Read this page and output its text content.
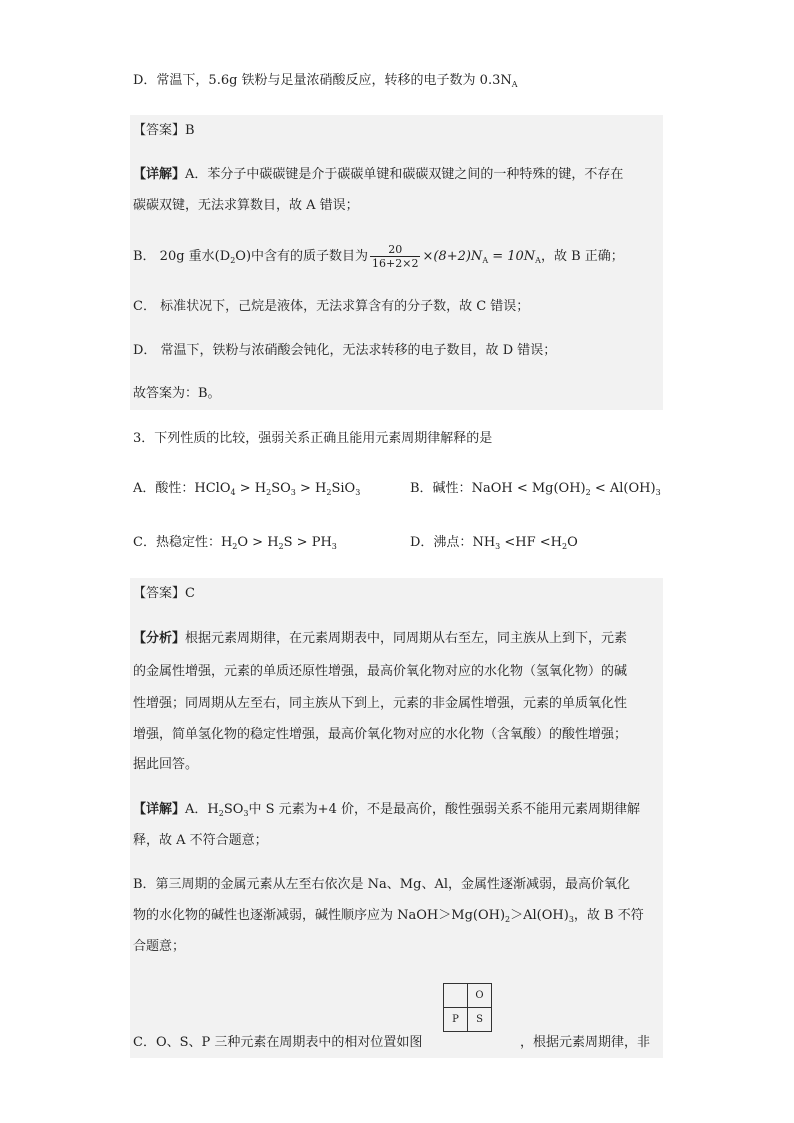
D．常温下，5.6g 铁粉与足量浓硝酸反应，转移的电子数为 $0.3N_A$
【答案】B
【详解】A．苯分子中碳碳键是介于碳碳单键和碳碳双键之间的一种特殊的键，不存在
碳碳双键，无法求算数目，故 A 错误；
B． 20g 重水$(D_2O)$中含有的质子数目为 $\frac{20}{16+2\times 2} \times(8+2)N_A = 10N_A$，故 B 正确；
C． 标准状况下，己烷是液体，无法求算含有的分子数，故 C 错误；
D． 常温下，铁粉与浓硝酸会钝化，无法求转移的电子数目，故 D 错误；
故答案为：B。
3．下列性质的比较，强弱关系正确且能用元素周期律解释的是
A．酸性：HClO$_4$ > $H_2SO_3 > H_2SiO_3$	B．碱性：NaOH < $Mg(OH)_2 < Al(OH)_3$
C．热稳定性：$H_2O > H_2S > PH_3$	D．沸点：$NH_3 <HF <H_2O$
【答案】C
【分析】根据元素周期律，在元素周期表中，同周期从右至左，同主族从上到下，元素
的金属性增强，元素的单质还原性增强，最高价氧化物对应的水化物（氢氧化物）的碱
性增强；同周期从左至右，同主族从下到上，元素的非金属性增强，元素的单质氧化性
增强，简单氢化物的稳定性增强，最高价氧化物对应的水化物（含氧酸）的酸性增强；
据此回答。
【详解】A．$H_2SO_3$中 S 元素为+4 价，不是最高价，酸性强弱关系不能用元素周期律解
释，故 A 不符合题意；
B．第三周期的金属元素从左至右依次是 Na、Mg、Al，金属性逐渐减弱，最高价氧化
物的水化物的碱性也逐渐减弱，碱性顺序应为 $NaOH>Mg(OH)_2>Al(OH)_3$，故 B 不符
合题意；
C．O、S、P 三种元素在周期表中的相对位置如图
	O
P	S
，根据元素周期律，非
